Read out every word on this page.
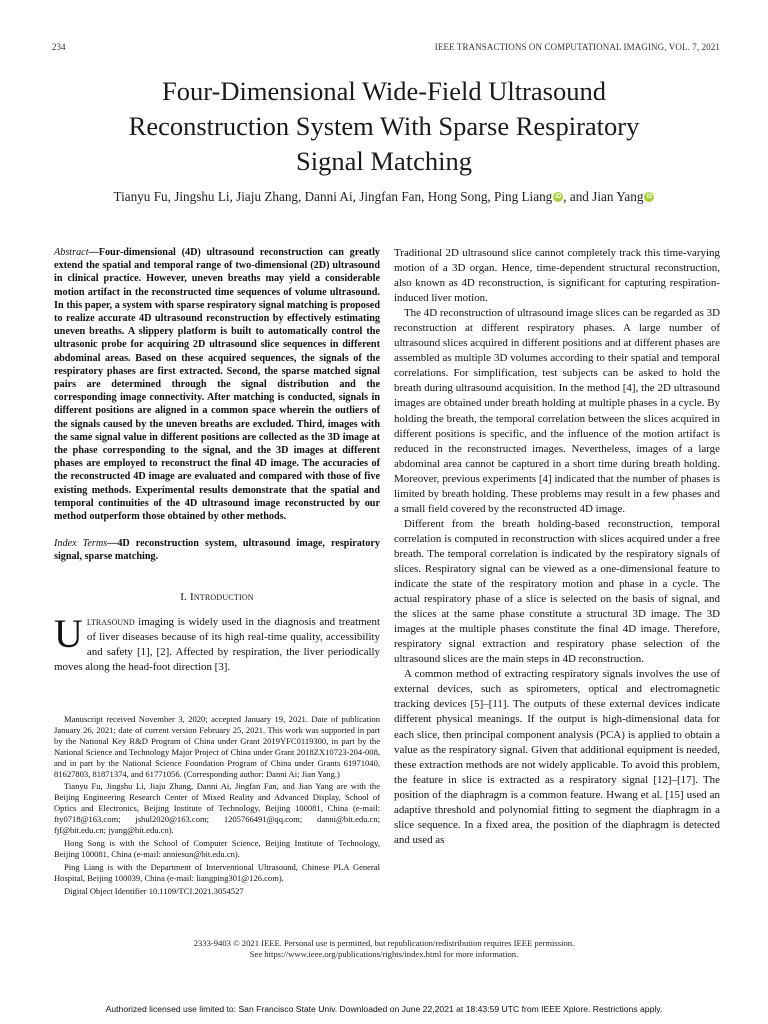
234	IEEE TRANSACTIONS ON COMPUTATIONAL IMAGING, VOL. 7, 2021
Four-Dimensional Wide-Field Ultrasound
Reconstruction System With Sparse Respiratory
Signal Matching
Tianyu Fu, Jingshu Li, Jiaju Zhang, Danni Ai, Jingfan Fan, Hong Song, Ping Liang iD , and Jian Yang iD
Abstract—Four-dimensional (4D) ultrasound reconstruction can greatly extend the spatial and temporal range of two-dimensional (2D) ultrasound in clinical practice. However, uneven breaths may yield a considerable motion artifact in the reconstructed time sequences of volume ultrasound. In this paper, a system with sparse respiratory signal matching is proposed to realize accurate 4D ultrasound reconstruction by effectively estimating uneven breaths. A slippery platform is built to automatically control the ultrasonic probe for acquiring 2D ultrasound slice sequences in different abdominal areas. Based on these acquired sequences, the signals of the respiratory phases are first extracted. Second, the sparse matched signal pairs are determined through the signal distribution and the corresponding image connectivity. After matching is conducted, signals in different positions are aligned in a common space wherein the outliers of the signals caused by the uneven breaths are excluded. Third, images with the same signal value in different positions are collected as the 3D image at the phase corresponding to the signal, and the 3D images at different phases are employed to reconstruct the final 4D image. The accuracies of the reconstructed 4D image are evaluated and compared with those of five existing methods. Experimental results demonstrate that the spatial and temporal continuities of the 4D ultrasound image reconstructed by our method outperform those obtained by other methods.
Index Terms—4D reconstruction system, ultrasound image, respiratory signal, sparse matching.
I. Introduction
Ultrasound imaging is widely used in the diagnosis and treatment of liver diseases because of its high real-time quality, accessibility and safety [1], [2]. Affected by respiration, the liver periodically moves along the head-foot direction [3].

Manuscript received November 3, 2020; accepted January 19, 2021. Date of publication January 26, 2021; date of current version February 25, 2021. This work was supported in part by the National Key R&D Program of China under Grant 2019YFC0119300, in part by the National Science and Technology Major Project of China under Grant 2018ZX10723-204-008, and in part by the National Science Foundation Program of China under Grants 61971040, 81627803, 81871374, and 61771056. (Corresponding author: Danni Ai; Jian Yang.)

Tianyu Fu, Jingshu Li, Jiaju Zhang, Danni Ai, Jingfan Fan, and Jian Yang are with the Beijing Engineering Research Center of Mixed Reality and Advanced Display, School of Optics and Electronics, Beijing Institute of Technology, Beijing 100081, China (e-mail: fty0718@163.com; jshul2020@163.com; 1205766491@qq.com; danni@bit.edu.cn; fjf@bit.edu.cn; jyang@bit.edu.cn).

Hong Song is with the School of Computer Science, Beijing Institute of Technology, Beijing 100081, China (e-mail: anniesun@bit.edu.cn).

Ping Liang is with the Department of Interventional Ultrasound, Chinese PLA General Hospital, Beijing 100039, China (e-mail: liangping301@126.com).

Digital Object Identifier 10.1109/TCI.2021.3054527

Traditional 2D ultrasound slice cannot completely track this time-varying motion of a 3D organ. Hence, time-dependent structural reconstruction, also known as 4D reconstruction, is significant for capturing respiration-induced liver motion.

The 4D reconstruction of ultrasound image slices can be regarded as 3D reconstruction at different respiratory phases. A large number of ultrasound slices acquired in different positions and at different phases are assembled as multiple 3D volumes according to their spatial and temporal correlations. For simplification, test subjects can be asked to hold the breath during ultrasound acquisition. In the method [4], the 2D ultrasound images are obtained under breath holding at multiple phases in a cycle. By holding the breath, the temporal correlation between the slices acquired in different positions is specific, and the influence of the motion artifact is reduced in the reconstructed images. Nevertheless, images of a large abdominal area cannot be captured in a short time during breath holding. Moreover, previous experiments [4] indicated that the number of phases is limited by breath holding. These problems may result in a few phases and a small field covered by the reconstructed 4D image.

Different from the breath holding-based reconstruction, temporal correlation is computed in reconstruction with slices acquired under a free breath. The temporal correlation is indicated by the respiratory signals of slices. Respiratory signal can be viewed as a one-dimensional feature to indicate the state of the respiratory motion and phase in a cycle. The actual respiratory phase of a slice is selected on the basis of signal, and the slices at the same phase constitute a structural 3D image. The 3D images at the multiple phases constitute the final 4D image. Therefore, respiratory signal extraction and respiratory phase selection of the ultrasound slices are the main steps in 4D reconstruction.

A common method of extracting respiratory signals involves the use of external devices, such as spirometers, optical and electromagnetic tracking devices [5]–[11]. The outputs of these external devices indicate different physical meanings. If the output is high-dimensional data for each slice, then principal component analysis (PCA) is applied to obtain a value as the respiratory signal. Given that additional equipment is needed, these extraction methods are not widely applicable. To avoid this problem, the feature in slice is extracted as a respiratory signal [12]–[17]. The position of the diaphragm is a common feature. Hwang et al. [15] used an adaptive threshold and polynomial fitting to segment the diaphragm in a slice sequence. In a fixed area, the position of the diaphragm is detected and used as

2333-9403 © 2021 IEEE. Personal use is permitted, but republication/redistribution requires IEEE permission.
See https://www.ieee.org/publications/rights/index.html for more information.
Authorized licensed use limited to: San Francisco State Univ. Downloaded on June 22,2021 at 18:43:59 UTC from IEEE Xplore. Restrictions apply.
